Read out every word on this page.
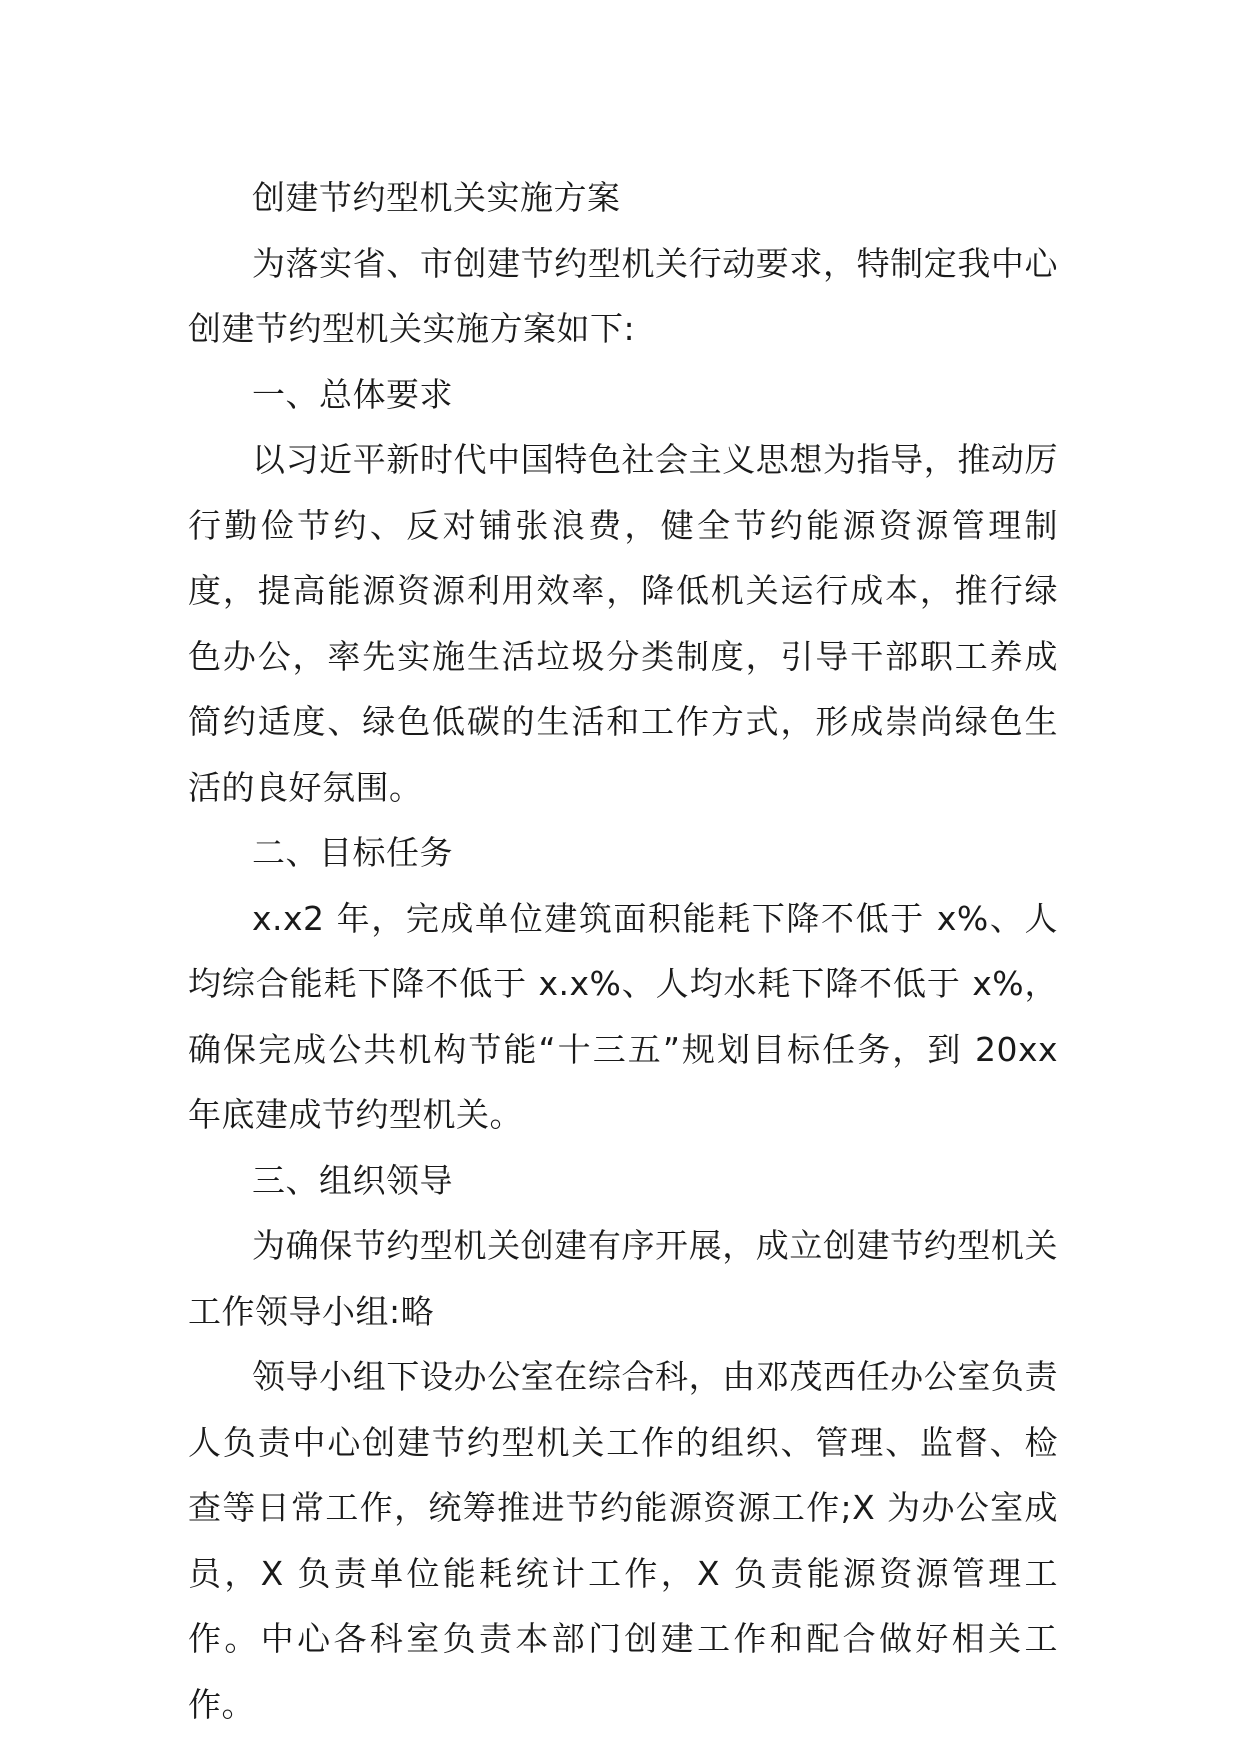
创建节约型机关实施方案

为落实省、市创建节约型机关行动要求，特制定我中心创建节约型机关实施方案如下:

一、总体要求

以习近平新时代中国特色社会主义思想为指导，推动厉行勤俭节约、反对铺张浪费，健全节约能源资源管理制度，提高能源资源利用效率，降低机关运行成本，推行绿色办公，率先实施生活垃圾分类制度，引导干部职工养成简约适度、绿色低碳的生活和工作方式，形成崇尚绿色生活的良好氛围。

二、目标任务

x.x2 年，完成单位建筑面积能耗下降不低于 x%、人均综合能耗下降不低于 x.x%、人均水耗下降不低于 x%，确保完成公共机构节能“十三五”规划目标任务，到 20xx 年底建成节约型机关。

三、组织领导

为确保节约型机关创建有序开展，成立创建节约型机关工作领导小组:略

领导小组下设办公室在综合科，由邓茂西任办公室负责人负责中心创建节约型机关工作的组织、管理、监督、检查等日常工作，统筹推进节约能源资源工作;X 为办公室成员，X 负责单位能耗统计工作，X 负责能源资源管理工作。中心各科室负责本部门创建工作和配合做好相关工作。
